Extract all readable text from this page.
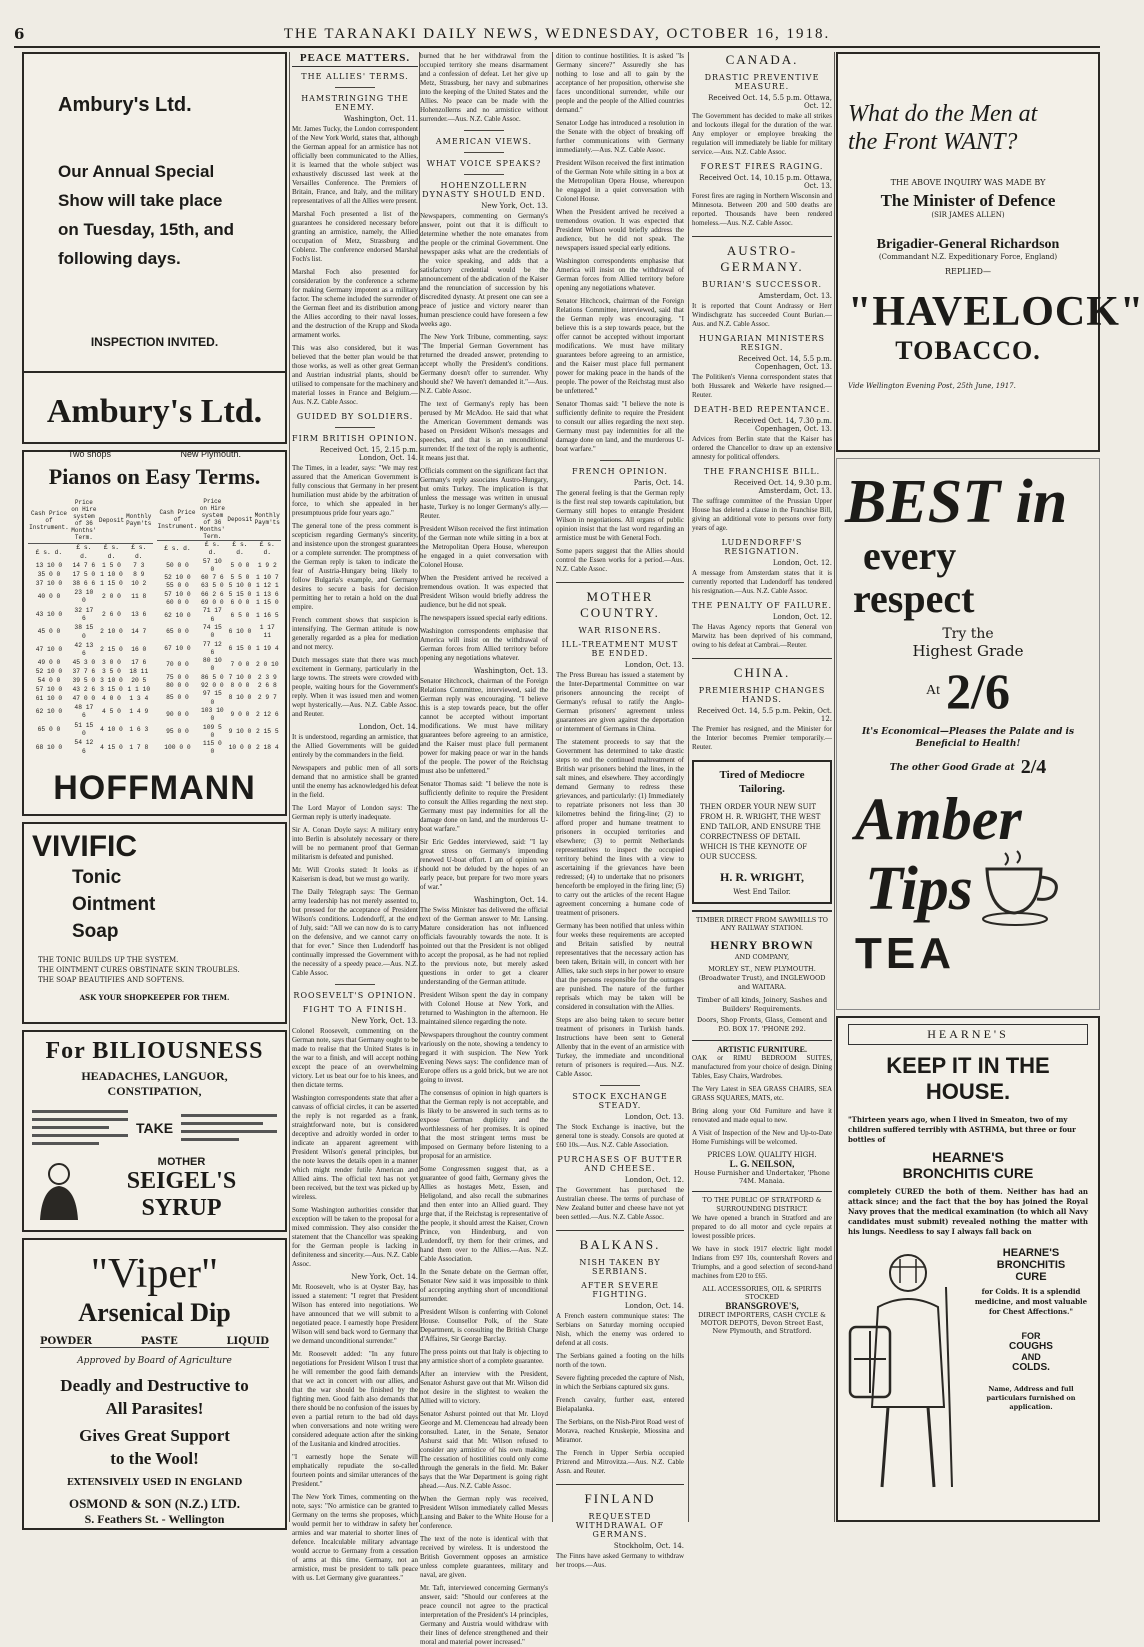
6	THE TARANAKI DAILY NEWS, WEDNESDAY, OCTOBER 16, 1918.
Ambury's Ltd.
Our Annual Special
Show will take place
on Tuesday, 15th, and
following days.
INSPECTION INVITED.
Ambury's Ltd.
Two shops	New Plymouth.
Pianos on Easy Terms.
Cash Price of Instrument.	Price on Hire system of 36 Months' Term.	Deposit	Monthly Paym'ts
£ s. d.	£ s. d.	£ s. d.	£ s. d.
13 10 0	14 7 6	1 5 0	7 3
35 0 0	17 5 0	1 10 0	8 9
37 10 0	38 6 6	1 15 0	10 2
40 0 0	23 10 0	2 0 0	11 8
43 10 0	32 17 6	2 6 0	13 6
45 0 0	38 15 0	2 10 0	14 7
47 10 0	42 13 6	2 15 0	16 0
49 0 0	45 3 0	3 0 0	17 6
52 10 0	37 7 6	3 5 0	18 11
54 0 0	39 5 0	3 10 0	20 5
57 10 0	43 2 6	3 15 0	1 1 10
61 10 0	47 0 0	4 0 0	1 3 4
62 10 0	48 17 6	4 5 0	1 4 9
65 0 0	51 15 0	4 10 0	1 6 3
68 10 0	54 12 6	4 15 0	1 7 8
Cash Price of Instrument.	Price on Hire system of 36 Months' Term.	Deposit	Monthly Paym'ts
£ s. d.	£ s. d.	£ s. d.	£ s. d.
50 0 0	57 10 0	5 0 0	1 9 2
52 10 0	60 7 6	5 5 0	1 10 7
55 0 0	63 5 0	5 10 0	1 12 1
57 10 0	66 2 6	5 15 0	1 13 6
60 0 0	69 0 0	6 0 0	1 15 0
62 10 0	71 17 6	6 5 0	1 16 5
65 0 0	74 15 0	6 10 0	1 17 11
67 10 0	77 12 6	6 15 0	1 19 4
70 0 0	80 10 0	7 0 0	2 0 10
75 0 0	86 5 0	7 10 0	2 3 9
80 0 0	92 0 0	8 0 0	2 6 8
85 0 0	97 15 0	8 10 0	2 9 7
90 0 0	103 10 0	9 0 0	2 12 6
95 0 0	109 5 0	9 10 0	2 15 5
100 0 0	115 0 0	10 0 0	2 18 4

HOFFMANN
VIVIFIC
Tonic
Ointment
Soap
THE TONIC BUILDS UP THE SYSTEM.
THE OINTMENT CURES OBSTINATE SKIN TROUBLES.
THE SOAP BEAUTIFIES AND SOFTENS.
ASK YOUR SHOPKEEPER FOR THEM.
For BILIOUSNESS
HEADACHES, LANGUOR,
CONSTIPATION,
TAKE
MOTHER
SEIGEL'S SYRUP
"Viper"
Arsenical Dip
POWDER	PASTE	LIQUID
Approved by Board of Agriculture
Deadly and Destructive to
All Parasites!
Gives Great Support
to the Wool!
EXTENSIVELY USED IN ENGLAND
OSMOND & SON (N.Z.) LTD.
S. Feathers St. - Wellington
PEACE MATTERS.
THE ALLIES' TERMS.
HAMSTRINGING THE ENEMY.
Washington, Oct. 11.
Mr. James Tucky, the London correspondent of the New York World, states that, although the German appeal for an armistice has not officially been communicated to the Allies, it is learned that the whole subject was exhaustively discussed last week at the Versailles Conference. The Premiers of Britain, France, and Italy, and the military representatives of all the Allies were present.
Marshal Foch presented a list of the guarantees he considered necessary before granting an armistice, namely, the Allied occupation of Metz, Strassburg and Coblenz. The conference endorsed Marshal Foch's list.
Marshal Foch also presented for consideration by the conference a scheme for making Germany impotent as a military factor. The scheme included the surrender of the German fleet and its distribution among the Allies according to their naval losses, and the destruction of the Krupp and Skoda armament works.
This was also considered, but it was believed that the better plan would be that those works, as well as other great German and Austrian industrial plants, should be utilised to compensate for the machinery and material losses in France and Belgium.—Aus. N.Z. Cable Assoc.
GUIDED BY SOLDIERS.
FIRM BRITISH OPINION.
Received Oct. 15, 2.15 p.m. London, Oct. 14.
The Times, in a leader, says: "We may rest assured that the American Government is fully conscious that Germany in her present humiliation must abide by the arbitration of force, to which she appealed in her presumptuous pride four years ago."
The general tone of the press comment is scepticism regarding Germany's sincerity, and insistence upon the strongest guarantees or a complete surrender. The promptness of the German reply is taken to indicate the fear of Austria-Hungary being likely to follow Bulgaria's example, and Germany desires to secure a basis for decision permitting her to retain a hold on the dual empire.
French comment shows that suspicion is intensifying. The German attitude is now generally regarded as a plea for mediation and not mercy.
Dutch messages state that there was much excitement in Germany, particularly in the large towns. The streets were crowded with people, waiting hours for the Government's reply. When it was issued men and women wept hysterically.—Aus. N.Z. Cable Assoc. and Reuter.
London, Oct. 14.
It is understood, regarding an armistice, that the Allied Governments will be guided entirely by the commanders in the field.
Newspapers and public men of all sorts demand that no armistice shall be granted until the enemy has acknowledged his defeat in the field.
The Lord Mayor of London says: The German reply is utterly inadequate.
Sir A. Conan Doyle says: A military entry into Berlin is absolutely necessary or there will be no permanent proof that German militarism is defeated and punished.
Mr. Will Crooks stated: It looks as if Kaiserism is dead, but we must go warily.
The Daily Telegraph says: The German army leadership has not merely assented to, but pressed for the acceptance of President Wilson's conditions. Ludendorff, at the end of July, said: "All we can now do is to carry on the defensive, and we cannot carry on that for ever." Since then Ludendorff has continually impressed the Government with the necessity of a speedy peace.—Aus. N.Z. Cable Assoc.
ROOSEVELT'S OPINION.
FIGHT TO A FINISH.
New York, Oct. 13.
Colonel Roosevelt, commenting on the German note, says that Germany ought to be made to realise that the United States is in the war to a finish, and will accept nothing except the peace of an overwhelming victory. Let us beat our foe to his knees, and then dictate terms.
Washington correspondents state that after a canvass of official circles, it can be asserted the reply is not regarded as a frank, straightforward note, but is considered deceptive and adroitly worded in order to indicate an apparent agreement with President Wilson's general principles, but the note leaves the details open in a manner which might render futile American and Allied aims. The official text has not yet been received, but the text was picked up by wireless.
Some Washington authorities consider that exception will be taken to the proposal for a mixed commission. They also consider the statement that the Chancellor was speaking for the German people is lacking in definiteness and sincerity.—Aus. N.Z. Cable Assoc.
New York, Oct. 14.
Mr. Roosevelt, who is at Oyster Bay, has issued a statement: "I regret that President Wilson has entered into negotiations. We have announced that we will submit to a negotiated peace. I earnestly hope President Wilson will send back word to Germany that we demand unconditional surrender."
Mr. Roosevelt added: "In any future negotiations for President Wilson I trust that he will remember the good faith demands that we act in concert with our allies, and that the war should be finished by the fighting men. Good faith also demands that there should be no confusion of the issues by even a partial return to the bad old days when conversations and note writing were considered adequate action after the sinking of the Lusitania and kindred atrocities.
"I earnestly hope the Senate will emphatically repudiate the so-called fourteen points and similar utterances of the President."
The New York Times, commenting on the note, says: "No armistice can be granted to Germany on the terms she proposes, which would permit her to withdraw in safety her armies and war material to shorter lines of defence. Incalculable military advantage would accrue to Germany from a cessation of arms at this time. Germany, not an armistice, must be president to talk peace with us. Let Germany give guarantees."
burned that he her withdrawal from the occupied territory she means disarmament and a confession of defeat. Let her give up Metz, Strassburg, her navy and submarines into the keeping of the United States and the Allies. No peace can be made with the Hohenzollerns and no armistice without surrender.—Aus. N.Z. Cable Assoc.
AMERICAN VIEWS.
WHAT VOICE SPEAKS?
HOHENZOLLERN DYNASTY SHOULD END.
New York, Oct. 13.
Newspapers, commenting on Germany's answer, point out that it is difficult to determine whether the note emanates from the people or the criminal Government. One newspaper asks what are the credentials of the voice speaking, and adds that a satisfactory credential would be the announcement of the abdication of the Kaiser and the renunciation of succession by his discredited dynasty. At present one can see a peace of justice and victory nearer than human prescience could have foreseen a few weeks ago.
The New York Tribune, commenting, says: "The Imperial German Government has returned the dreaded answer, pretending to accept wholly the President's conditions. Germany doesn't offer to surrender. Why should she? We haven't demanded it."—Aus. N.Z. Cable Assoc.
The text of Germany's reply has been perused by Mr McAdoo. He said that what the American Government demands was based on President Wilson's messages and speeches, and that is an unconditional surrender. If the text of the reply is authentic, it means just that.
Officials comment on the significant fact that Germany's reply associates Austro-Hungary, but omits Turkey. The implication is that unless the message was written in unusual haste, Turkey is no longer Germany's ally.—Reuter.
President Wilson received the first intimation of the German note while sitting in a box at the Metropolitan Opera House, whereupon he engaged in a quiet conversation with Colonel House.
When the President arrived he received a tremendous ovation. It was expected that President Wilson would briefly address the audience, but he did not speak.
The newspapers issued special early editions.
Washington correspondents emphasise that America will insist on the withdrawal of German forces from Allied territory before opening any negotiations whatever.
Washington, Oct. 13.
Senator Hitchcock, chairman of the Foreign Relations Committee, interviewed, said the German reply was encouraging. "I believe this is a step towards peace, but the offer cannot be accepted without important modifications. We must have military guarantees before agreeing to an armistice, and the Kaiser must place full permanent power for making peace or war in the hands of the people. The power of the Reichstag must also be unfettered."
Senator Thomas said: "I believe the note is sufficiently definite to require the President to consult the Allies regarding the next step. Germany must pay indemnities for all the damage done on land, and the murderous U-boat warfare."
Sir Eric Geddes interviewed, said: "I lay great stress on Germany's impending renewed U-boat effort. I am of opinion we should not be deluded by the hopes of an early peace, but prepare for two more years of war."
Washington, Oct. 14.
The Swiss Minister has delivered the official text of the German answer to Mr. Lansing. Mature consideration has not influenced officials favourably towards the note. It is pointed out that the President is not obliged to accept the proposal, as he had not replied to the previous note, but merely asked questions in order to get a clearer understanding of the German attitude.
President Wilson spent the day in company with Colonel House at New York, and returned to Washington in the afternoon. He maintained silence regarding the note.
Newspapers throughout the country comment variously on the note, showing a tendency to regard it with suspicion. The New York Evening News says: The confidence man of Europe offers us a gold brick, but we are not going to invest.
The consensus of opinion in high quarters is that the German reply is not acceptable, and is likely to be answered in such terms as to expose German duplicity and the worthlessness of her promises. It is opined that the most stringent terms must be imposed on Germany before listening to a proposal for an armistice.
Some Congressmen suggest that, as a guarantee of good faith, Germany gives the Allies as hostages Metz, Essen, and Heligoland, and also recall the submarines and then enter into an Allied guard. They urge that, if the Reichstag is representative of the people, it should arrest the Kaiser, Crown Prince, von Hindenburg, and von Ludendorff, try them for their crimes, and hand them over to the Allies.—Aus. N.Z. Cable Association.
In the Senate debate on the German offer, Senator New said it was impossible to think of accepting anything short of unconditional surrender.
President Wilson is conferring with Colonel House. Counsellor Polk, of the State Department, is consulting the British Charge d'Affaires, Sir George Barclay.
The press points out that Italy is objecting to any armistice short of a complete guarantee.
After an interview with the President, Senator Ashurst gave out that Mr. Wilson did not desire in the slightest to weaken the Allied will to victory.
Senator Ashurst pointed out that Mr. Lloyd George and M. Clemenceau had already been consulted. Later, in the Senate, Senator Ashurst said that Mr. Wilson refused to consider any armistice of his own making. The cessation of hostilities could only come through the generals in the field. Mr. Baker says that the War Department is going right ahead.—Aus. N.Z. Cable Assoc.
When the German reply was received, President Wilson immediately called Messrs Lansing and Baker to the White House for a conference.
The text of the note is identical with that received by wireless. It is understood the British Government opposes an armistice unless complete guarantees, military and naval, are given.
Mr. Taft, interviewed concerning Germany's answer, said: "Should our conferees at the peace council not agree to the practical interpretation of the President's 14 principles, Germany and Austria would withdraw with their lines of defence strengthened and their moral and material power increased."
dition to continue hostilities. It is asked "Is Germany sincere?" Assuredly she has nothing to lose and all to gain by the acceptance of her proposition, otherwise she faces unconditional surrender, while our people and the people of the Allied countries demand."
Senator Lodge has introduced a resolution in the Senate with the object of breaking off further communications with Germany immediately.—Aus. N.Z. Cable Assoc.
President Wilson received the first intimation of the German Note while sitting in a box at the Metropolitan Opera House, whereupon he engaged in a quiet conversation with Colonel House.
When the President arrived he received a tremendous ovation. It was expected that President Wilson would briefly address the audience, but he did not speak. The newspapers issued special early editions.
Washington correspondents emphasise that America will insist on the withdrawal of German forces from Allied territory before opening any negotiations whatever.
Senator Hitchcock, chairman of the Foreign Relations Committee, interviewed, said that the German reply was encouraging. "I believe this is a step towards peace, but the offer cannot be accepted without important modifications. We must have military guarantees before agreeing to an armistice, and the Kaiser must place full permanent power for making peace in the hands of the people. The power of the Reichstag must also be unfettered."
Senator Thomas said: "I believe the note is sufficiently definite to require the President to consult our allies regarding the next step. Germany must pay indemnities for all the damage done on land, and the murderous U-boat warfare."
FRENCH OPINION.
Paris, Oct. 14.
The general feeling is that the German reply is the first real step towards capitulation, but Germany still hopes to entangle President Wilson in negotiations. All organs of public opinion insist that the last word regarding an armistice must be with General Foch.
Some papers suggest that the Allies should control the Essen works for a period.—Aus. N.Z. Cable Assoc.
MOTHER COUNTRY.
WAR RISONERS.
ILL-TREATMENT MUST BE ENDED.
London, Oct. 13.
The Press Bureau has issued a statement by the Inter-Departmental Committee on war prisoners announcing the receipt of Germany's refusal to ratify the Anglo-German prisoners' agreement unless guarantees are given against the deportation or internment of Germans in China.
The statement proceeds to say that the Government has determined to take drastic steps to end the continued maltreatment of British war prisoners behind the lines, in the salt mines, and elsewhere. They accordingly demand Germany to redress these grievances, and particularly: (1) Immediately to repatriate prisoners not less than 30 kilometres behind the firing-line; (2) to afford proper and humane treatment to prisoners in occupied territories and elsewhere; (3) to permit Netherlands representatives to inspect the occupied territory behind the lines with a view to ascertaining if the grievances have been redressed; (4) to undertake that no prisoners henceforth be employed in the firing line; (5) to carry out the articles of the recent Hague agreement concerning a humane code of treatment of prisoners.
Germany has been notified that unless within four weeks these requirements are accepted and Britain satisfied by neutral representatives that the necessary action has been taken, Britain will, in concert with her Allies, take such steps in her power to ensure that the persons responsible for the outrages are punished. The nature of the further reprisals which may be taken will be considered in consultation with the Allies.
Steps are also being taken to secure better treatment of prisoners in Turkish hands. Instructions have been sent to General Allenby that in the event of an armistice with Turkey, the immediate and unconditional return of prisoners is required.—Aus. N.Z. Cable Assoc.
STOCK EXCHANGE STEADY.
London, Oct. 13.
The Stock Exchange is inactive, but the general tone is steady. Consols are quoted at £60 10s.—Aus. N.Z. Cable Association.
PURCHASES OF BUTTER AND CHEESE.
London, Oct. 12.
The Government has purchased the Australian cheese. The terms of purchase of New Zealand butter and cheese have not yet been settled.—Aus. N.Z. Cable Assoc.
BALKANS.
NISH TAKEN BY SERBIANS.
AFTER SEVERE FIGHTING.
London, Oct. 14.
A French eastern communique states: The Serbians on Saturday morning occupied Nish, which the enemy was ordered to defend at all costs.
The Serbians gained a footing on the hills north of the town.
Severe fighting preceded the capture of Nish, in which the Serbians captured six guns.
French cavalry, further east, entered Bielapalanka.
The Serbians, on the Nish-Pirot Road west of Morava, reached Kruskepie, Miossina and Miramor.
The French in Upper Serbia occupied Prizrend and Mitrovitza.—Aus. N.Z. Cable Assn. and Reuter.
FINLAND
REQUESTED WITHDRAWAL OF GERMANS.
Stockholm, Oct. 14.
The Finns have asked Germany to withdraw her troops.—Aus.
CANADA.
DRASTIC PREVENTIVE MEASURE.
Received Oct. 14, 5.5 p.m. Ottawa, Oct. 12.
The Government has decided to make all strikes and lockouts illegal for the duration of the war. Any employer or employee breaking the regulation will immediately be liable for military service.—Aus. N.Z. Cable Assoc.
FOREST FIRES RAGING.
Received Oct. 14, 10.15 p.m. Ottawa, Oct. 13.
Forest fires are raging in Northern Wisconsin and Minnesota. Between 200 and 500 deaths are reported. Thousands have been rendered homeless.—Aus. N.Z. Cable Assoc.
AUSTRO-GERMANY.
BURIAN'S SUCCESSOR.
Amsterdam, Oct. 13.
It is reported that Count Andrassy or Herr Windischgratz has succeeded Count Burian.—Aus. and N.Z. Cable Assoc.
HUNGARIAN MINISTERS RESIGN.
Received Oct. 14, 5.5 p.m. Copenhagen, Oct. 13.
The Politiken's Vienna correspondent states that both Hussarek and Wekerle have resigned.—Reuter.
DEATH-BED REPENTANCE.
Received Oct. 14, 7.30 p.m. Copenhagen, Oct. 13.
Advices from Berlin state that the Kaiser has ordered the Chancellor to draw up an extensive amnesty for political offenders.
THE FRANCHISE BILL.
Received Oct. 14, 9.30 p.m. Amsterdam, Oct. 13.
The suffrage committee of the Prussian Upper House has deleted a clause in the Franchise Bill, giving an additional vote to persons over forty years of age.
LUDENDORFF'S RESIGNATION.
London, Oct. 12.
A message from Amsterdam states that it is currently reported that Ludendorff has tendered his resignation.—Aus. N.Z. Cable Assoc.
THE PENALTY OF FAILURE.
London, Oct. 12.
The Havas Agency reports that General von Marwitz has been deprived of his command, owing to his defeat at Cambrai.—Reuter.
CHINA.
PREMIERSHIP CHANGES HANDS.
Received Oct. 14, 5.5 p.m. Pekin, Oct. 12.
The Premier has resigned, and the Minister for the Interior becomes Premier temporarily.—Reuter.
Tired of Mediocre Tailoring.
THEN ORDER YOUR NEW SUIT FROM H. R. WRIGHT, THE WEST END TAILOR, AND ENSURE THE CORRECTNESS OF DETAIL WHICH IS THE KEYNOTE OF OUR SUCCESS.
H. R. WRIGHT,
West End Tailor.
TIMBER DIRECT FROM SAWMILLS TO ANY RAILWAY STATION.
HENRY BROWN
AND COMPANY,
MORLEY ST., NEW PLYMOUTH. (Broadwater Trust), and INGLEWOOD and WAITARA.
Timber of all kinds, Joinery, Sashes and Builders' Requirements.
Doors, Shop Fronts, Glass, Cement and P.O. BOX 17. 'PHONE 292.
ARTISTIC FURNITURE.
OAK or RIMU BEDROOM SUITES, manufactured from your choice of design. Dining Tables, Easy Chairs, Wardrobes.
The Very Latest in SEA GRASS CHAIRS, SEA GRASS SQUARES, MATS, etc.
Bring along your Old Furniture and have it renovated and made equal to new.
A Visit of Inspection of the New and Up-to-Date Home Furnishings will be welcomed.
PRICES LOW. QUALITY HIGH.
L. G. NEILSON,
House Furnisher and Undertaker, 'Phone 74M. Manaia.
TO THE PUBLIC OF STRATFORD & SURROUNDING DISTRICT.
We have opened a branch in Stratford and are prepared to do all motor and cycle repairs at lowest possible prices.
We have in stock 1917 electric light model Indians from £97 10s, countershaft Rovers and Triumphs, and a good selection of second-hand machines from £20 to £65.
ALL ACCESSORIES, OIL & SPIRITS STOCKED
BRANSGROVE'S,
DIRECT IMPORTERS, CASH CYCLE & MOTOR DEPOTS, Devon Street East, New Plymouth, and Stratford.
What do the Men at
the Front WANT?
THE ABOVE INQUIRY WAS MADE BY
The Minister of Defence
(SIR JAMES ALLEN)
Brigadier-General Richardson
(Commandant N.Z. Expeditionary Force, England)
REPLIED—
"HAVELOCK"
TOBACCO.
Vide Wellington Evening Post, 25th June, 1917.
BEST in
every
respect
Try the
Highest Grade
At 2/6
It's Economical—Pleases the Palate and is Beneficial to Health!
The other Good Grade at 2/4
Amber
Tips
TEA
HEARNE'S
KEEP IT IN THE HOUSE.
"Thirteen years ago, when I lived in Smeaton, two of my children suffered terribly with ASTHMA, but three or four bottles of
HEARNE'S
BRONCHITIS CURE
completely CURED the both of them. Neither has had an attack since; and the fact that the boy has joined the Royal Navy proves that the medical examination (to which all Navy candidates must submit) revealed nothing the matter with his lungs. Needless to say I always fall back on
HEARNE'S
BRONCHITIS
CURE
for Colds. It is a splendid medicine, and most valuable for Chest Affections."
FOR
COUGHS
AND
COLDS.
Name, Address and full particulars furnished on application.
